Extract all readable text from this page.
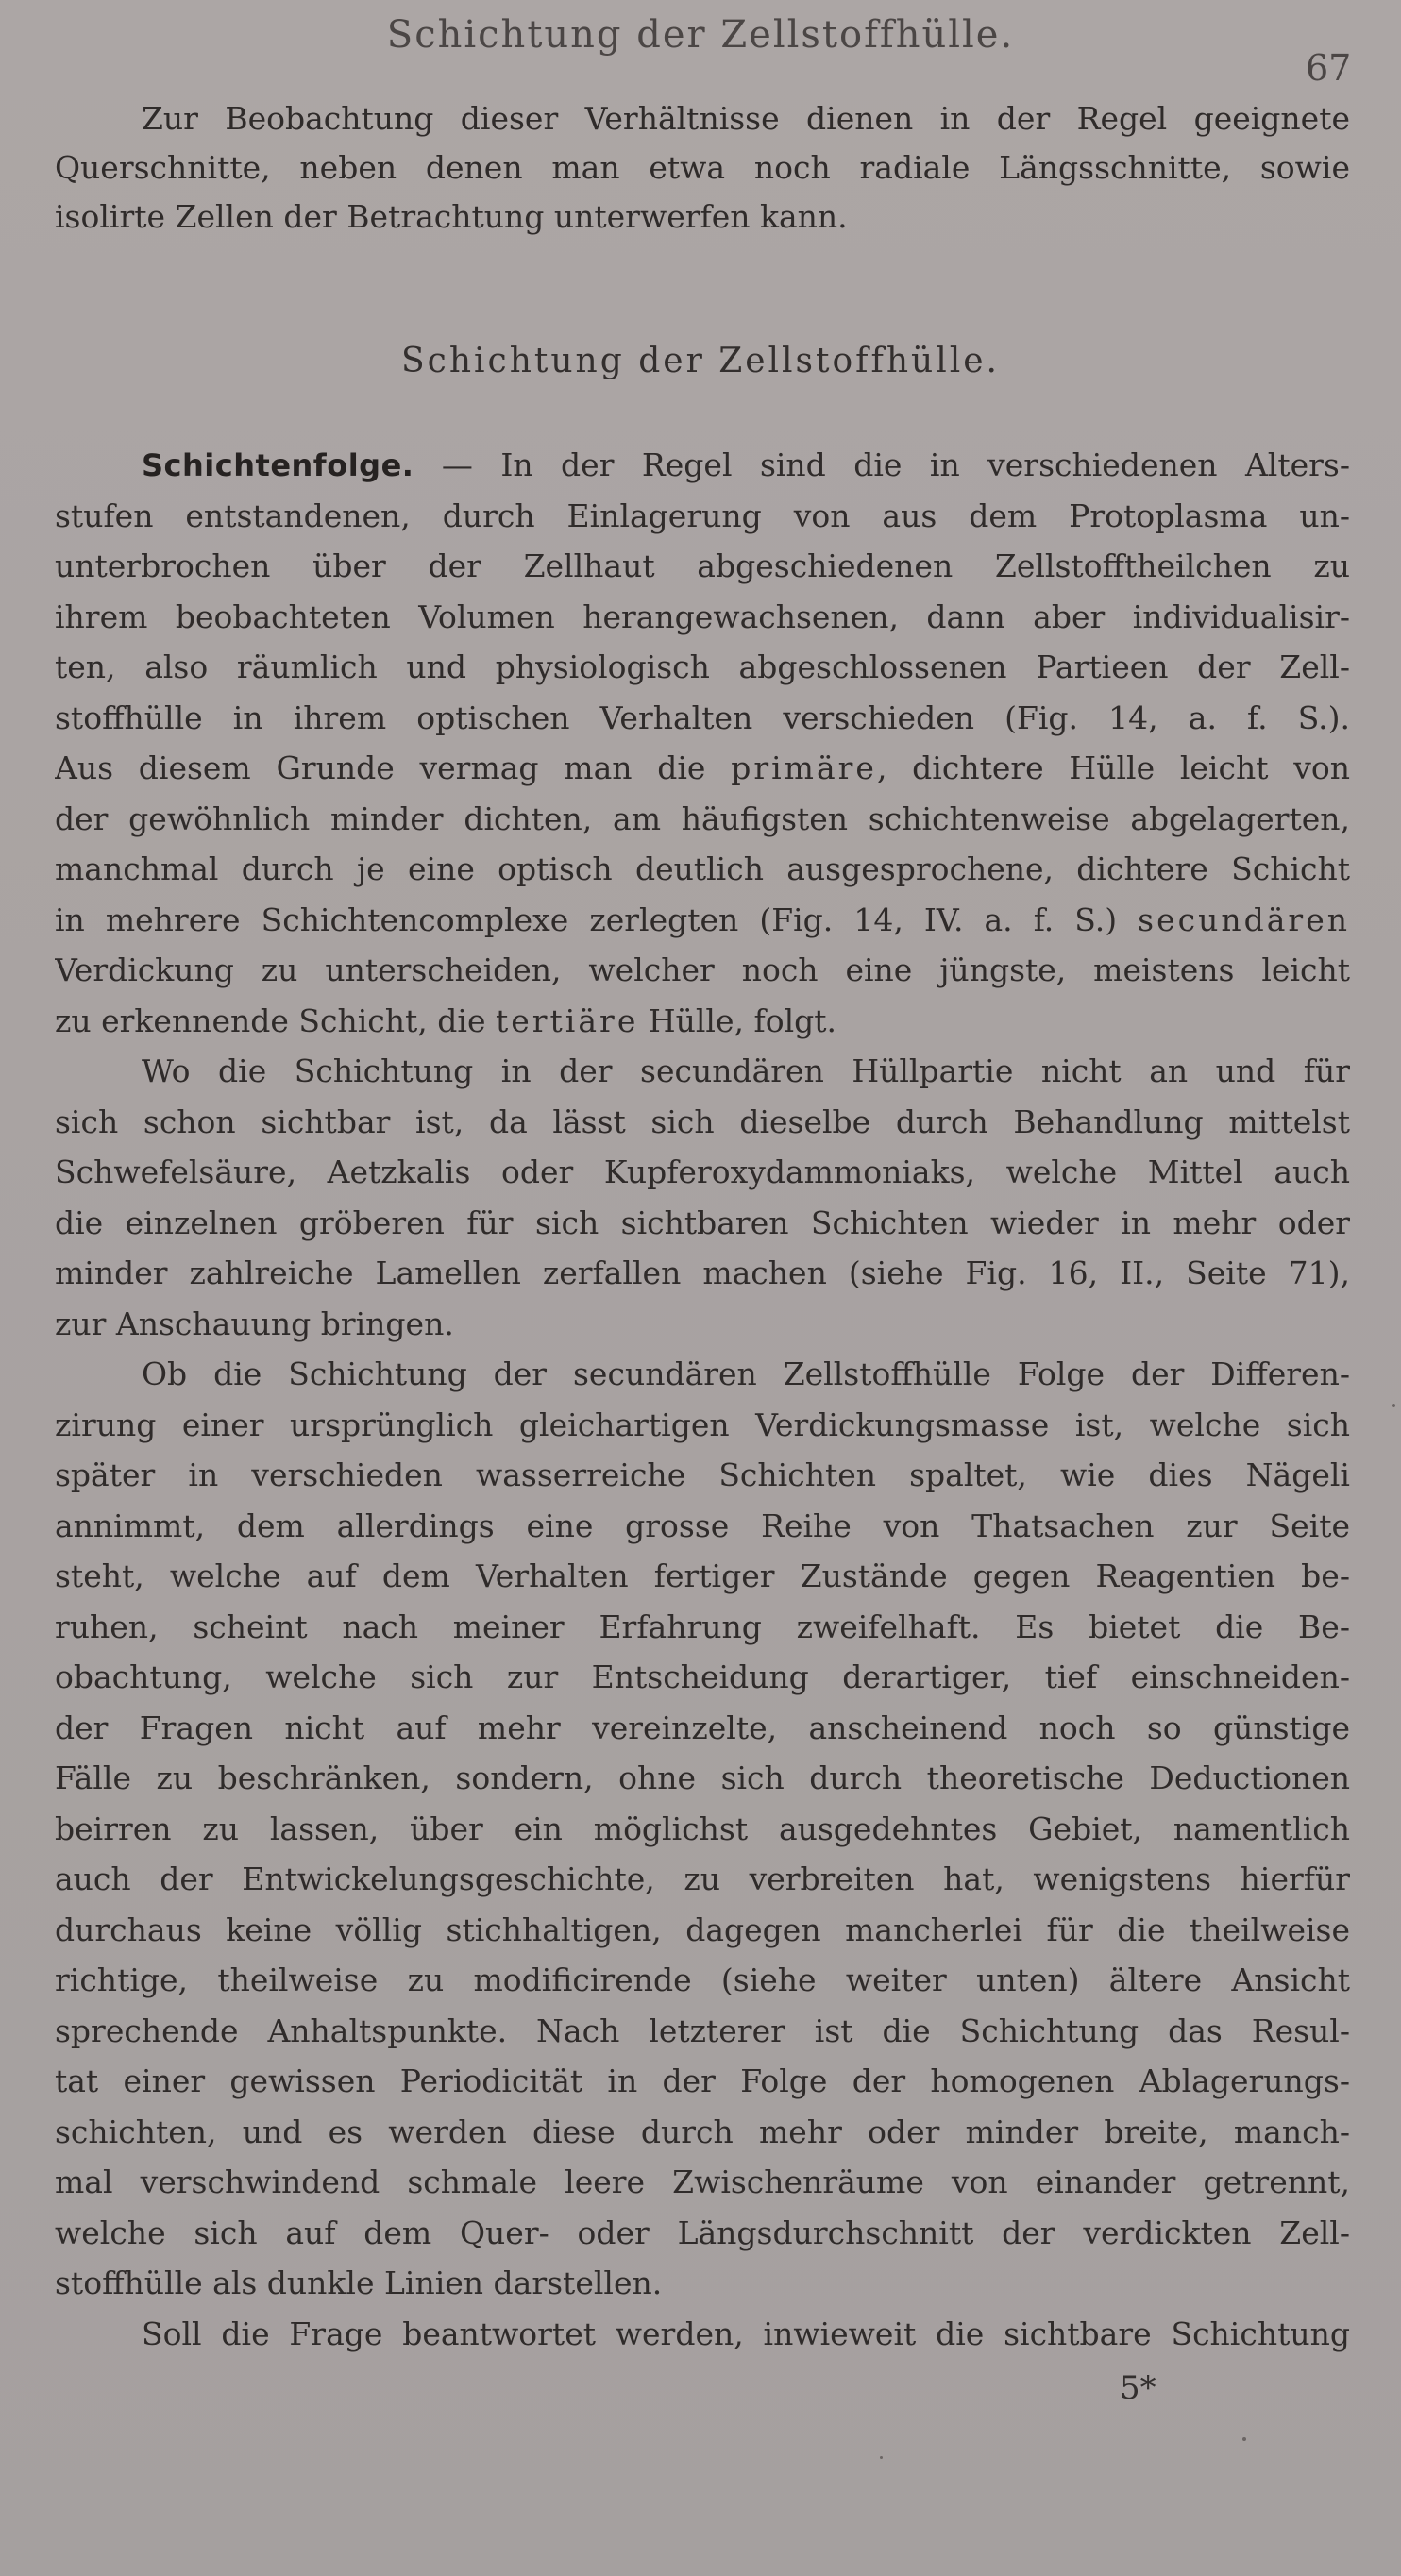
Schichtung der Zellstoffhülle.
67
Zur Beobachtung dieser Verhältnisse dienen in der Regel geeignete
Querschnitte, neben denen man etwa noch radiale Längsschnitte, sowie
isolirte Zellen der Betrachtung unterwerfen kann.
Schichtung der Zellstoffhülle.
Schichtenfolge. — In der Regel sind die in verschiedenen Alters-
stufen entstandenen, durch Einlagerung von aus dem Protoplasma un-
unterbrochen über der Zellhaut abgeschiedenen Zellstofftheilchen zu
ihrem beobachteten Volumen herangewachsenen, dann aber individualisir-
ten, also räumlich und physiologisch abgeschlossenen Partieen der Zell-
stoffhülle in ihrem optischen Verhalten verschieden (Fig. 14, a. f. S.).
Aus diesem Grunde vermag man die primäre, dichtere Hülle leicht von
der gewöhnlich minder dichten, am häufigsten schichtenweise abgelagerten,
manchmal durch je eine optisch deutlich ausgesprochene, dichtere Schicht
in mehrere Schichtencomplexe zerlegten (Fig. 14, IV. a. f. S.) secundären
Verdickung zu unterscheiden, welcher noch eine jüngste, meistens leicht
zu erkennende Schicht, die tertiäre Hülle, folgt.
Wo die Schichtung in der secundären Hüllpartie nicht an und für
sich schon sichtbar ist, da lässt sich dieselbe durch Behandlung mittelst
Schwefelsäure, Aetzkalis oder Kupferoxydammoniaks, welche Mittel auch
die einzelnen gröberen für sich sichtbaren Schichten wieder in mehr oder
minder zahlreiche Lamellen zerfallen machen (siehe Fig. 16, II., Seite 71),
zur Anschauung bringen.
Ob die Schichtung der secundären Zellstoffhülle Folge der Differen-
zirung einer ursprünglich gleichartigen Verdickungsmasse ist, welche sich
später in verschieden wasserreiche Schichten spaltet, wie dies Nägeli
annimmt, dem allerdings eine grosse Reihe von Thatsachen zur Seite
steht, welche auf dem Verhalten fertiger Zustände gegen Reagentien be-
ruhen, scheint nach meiner Erfahrung zweifelhaft. Es bietet die Be-
obachtung, welche sich zur Entscheidung derartiger, tief einschneiden-
der Fragen nicht auf mehr vereinzelte, anscheinend noch so günstige
Fälle zu beschränken, sondern, ohne sich durch theoretische Deductionen
beirren zu lassen, über ein möglichst ausgedehntes Gebiet, namentlich
auch der Entwickelungsgeschichte, zu verbreiten hat, wenigstens hierfür
durchaus keine völlig stichhaltigen, dagegen mancherlei für die theilweise
richtige, theilweise zu modificirende (siehe weiter unten) ältere Ansicht
sprechende Anhaltspunkte. Nach letzterer ist die Schichtung das Resul-
tat einer gewissen Periodicität in der Folge der homogenen Ablagerungs-
schichten, und es werden diese durch mehr oder minder breite, manch-
mal verschwindend schmale leere Zwischenräume von einander getrennt,
welche sich auf dem Quer- oder Längsdurchschnitt der verdickten Zell-
stoffhülle als dunkle Linien darstellen.
Soll die Frage beantwortet werden, inwieweit die sichtbare Schichtung
5*
